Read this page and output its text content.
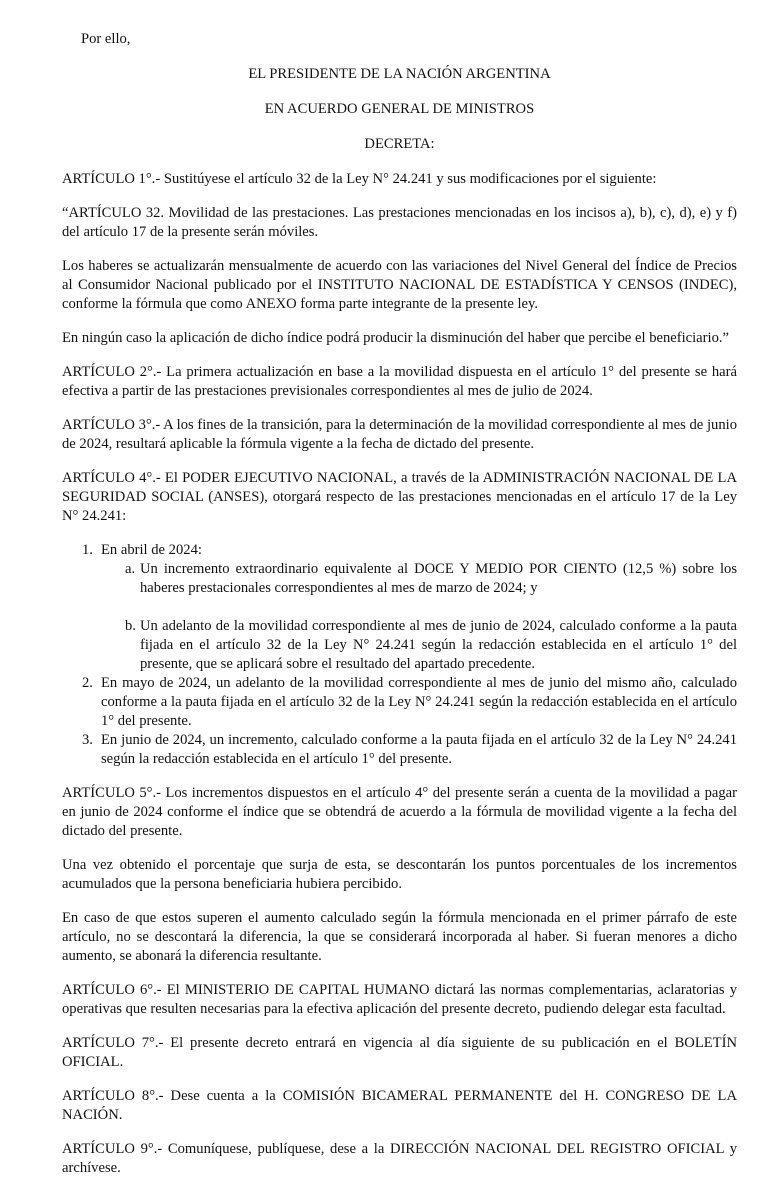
Por ello,

EL PRESIDENTE DE LA NACIÓN ARGENTINA

EN ACUERDO GENERAL DE MINISTROS

DECRETA:

ARTÍCULO 1°.- Sustitúyese el artículo 32 de la Ley N° 24.241 y sus modificaciones por el siguiente:

“ARTÍCULO 32. Movilidad de las prestaciones. Las prestaciones mencionadas en los incisos a), b), c), d), e) y f) del artículo 17 de la presente serán móviles.

Los haberes se actualizarán mensualmente de acuerdo con las variaciones del Nivel General del Índice de Precios al Consumidor Nacional publicado por el INSTITUTO NACIONAL DE ESTADÍSTICA Y CENSOS (INDEC), conforme la fórmula que como ANEXO forma parte integrante de la presente ley.

En ningún caso la aplicación de dicho índice podrá producir la disminución del haber que percibe el beneficiario.”

ARTÍCULO 2°.- La primera actualización en base a la movilidad dispuesta en el artículo 1° del presente se hará efectiva a partir de las prestaciones previsionales correspondientes al mes de julio de 2024.

ARTÍCULO 3°.- A los fines de la transición, para la determinación de la movilidad correspondiente al mes de junio de 2024, resultará aplicable la fórmula vigente a la fecha de dictado del presente.

ARTÍCULO 4°.- El PODER EJECUTIVO NACIONAL, a través de la ADMINISTRACIÓN NACIONAL DE LA SEGURIDAD SOCIAL (ANSES), otorgará respecto de las prestaciones mencionadas en el artículo 17 de la Ley N° 24.241:

1. En abril de 2024:
a. Un incremento extraordinario equivalente al DOCE Y MEDIO POR CIENTO (12,5 %) sobre los haberes prestacionales correspondientes al mes de marzo de 2024; y
b. Un adelanto de la movilidad correspondiente al mes de junio de 2024, calculado conforme a la pauta fijada en el artículo 32 de la Ley N° 24.241 según la redacción establecida en el artículo 1° del presente, que se aplicará sobre el resultado del apartado precedente.
2. En mayo de 2024, un adelanto de la movilidad correspondiente al mes de junio del mismo año, calculado conforme a la pauta fijada en el artículo 32 de la Ley N° 24.241 según la redacción establecida en el artículo 1° del presente.
3. En junio de 2024, un incremento, calculado conforme a la pauta fijada en el artículo 32 de la Ley N° 24.241 según la redacción establecida en el artículo 1° del presente.

ARTÍCULO 5°.- Los incrementos dispuestos en el artículo 4° del presente serán a cuenta de la movilidad a pagar en junio de 2024 conforme el índice que se obtendrá de acuerdo a la fórmula de movilidad vigente a la fecha del dictado del presente.

Una vez obtenido el porcentaje que surja de esta, se descontarán los puntos porcentuales de los incrementos acumulados que la persona beneficiaria hubiera percibido.

En caso de que estos superen el aumento calculado según la fórmula mencionada en el primer párrafo de este artículo, no se descontará la diferencia, la que se considerará incorporada al haber. Si fueran menores a dicho aumento, se abonará la diferencia resultante.

ARTÍCULO 6°.- El MINISTERIO DE CAPITAL HUMANO dictará las normas complementarias, aclaratorias y operativas que resulten necesarias para la efectiva aplicación del presente decreto, pudiendo delegar esta facultad.

ARTÍCULO 7°.- El presente decreto entrará en vigencia al día siguiente de su publicación en el BOLETÍN OFICIAL.

ARTÍCULO 8°.- Dese cuenta a la COMISIÓN BICAMERAL PERMANENTE del H. CONGRESO DE LA NACIÓN.

ARTÍCULO 9°.- Comuníquese, publíquese, dese a la DIRECCIÓN NACIONAL DEL REGISTRO OFICIAL y archívese.
